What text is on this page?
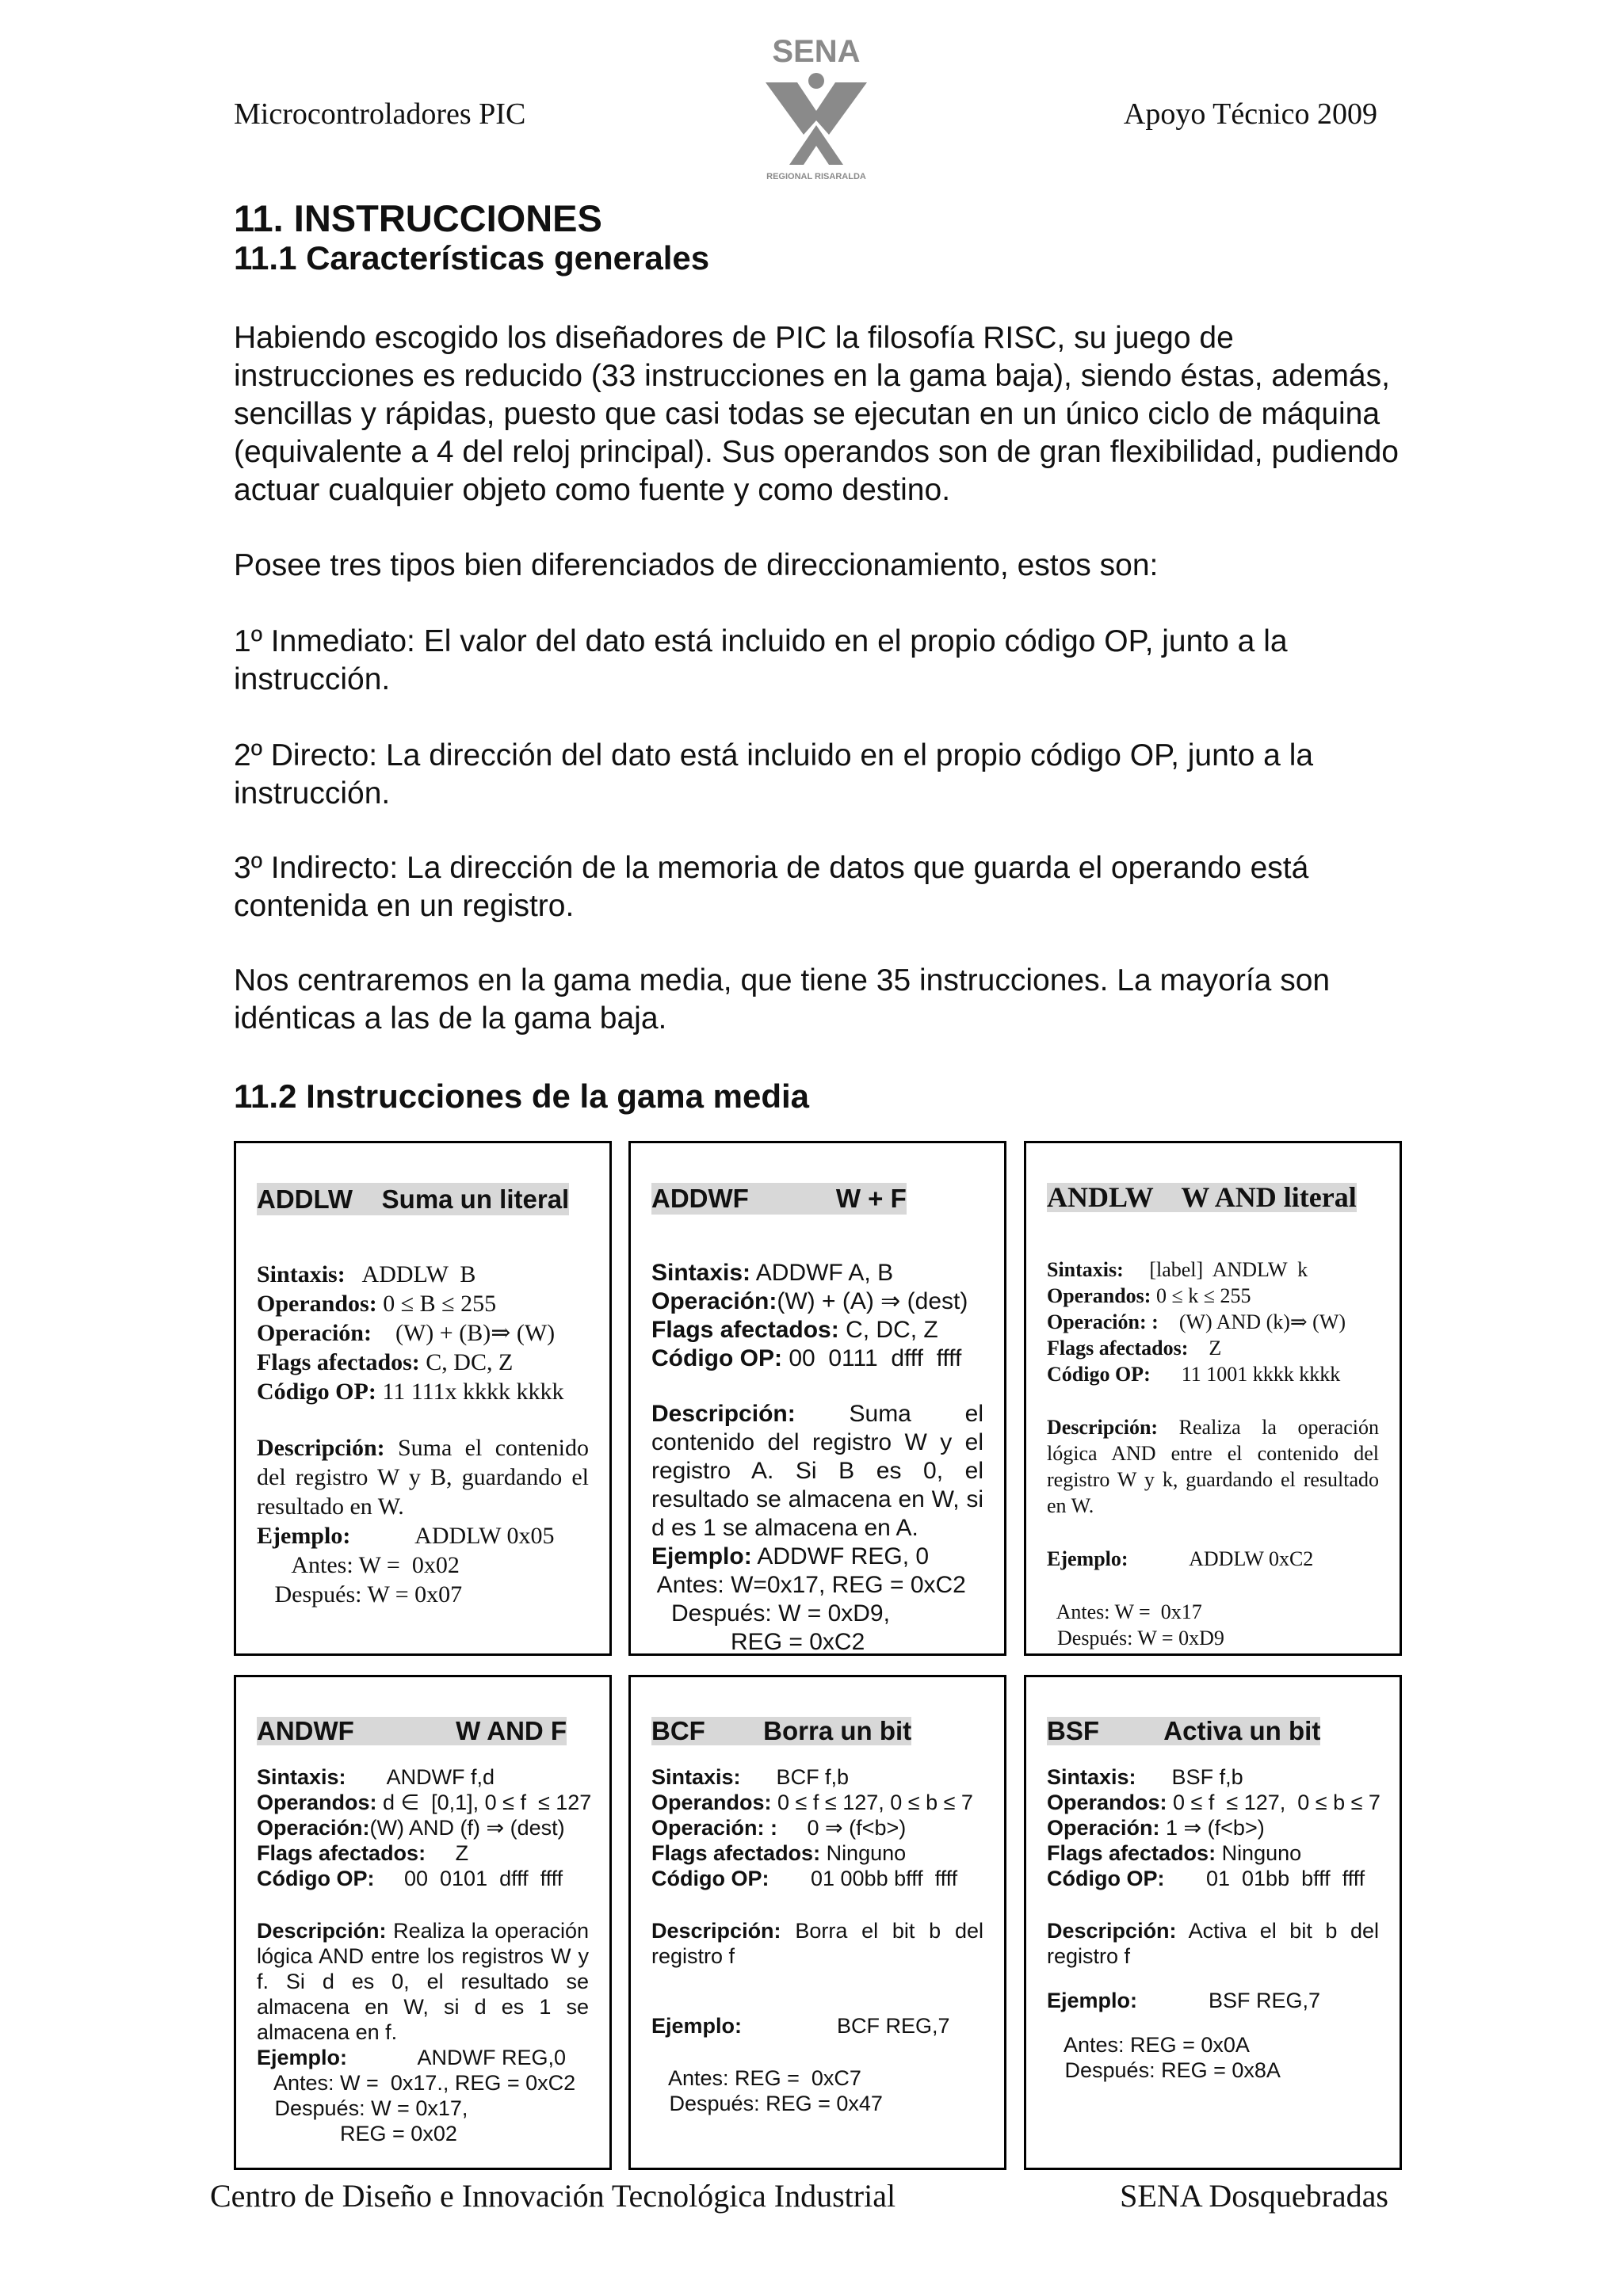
Microcontroladores PIC	Apoyo Técnico 2009
SENA
REGIONAL RISARALDA
11. INSTRUCCIONES
11.1 Características generales

Habiendo escogido los diseñadores de PIC la filosofía RISC, su juego de instrucciones es reducido (33 instrucciones en la gama baja), siendo éstas, además, sencillas y rápidas, puesto que casi todas se ejecutan en un único ciclo de máquina (equivalente a 4 del reloj principal). Sus operandos son de gran flexibilidad, pudiendo actuar cualquier objeto como fuente y como destino.

Posee tres tipos bien diferenciados de direccionamiento, estos son:

1º Inmediato: El valor del dato está incluido en el propio código OP, junto a la instrucción.

2º Directo: La dirección del dato está incluido en el propio código OP, junto a la instrucción.

3º Indirecto: La dirección de la memoria de datos que guarda el operando está contenida en un registro.

Nos centraremos en la gama media, que tiene 35 instrucciones. La mayoría son idénticas a las de la gama baja.

11.2 Instrucciones de la gama media
ADDLW    Suma un literal
Sintaxis:   ADDLW  B
Operandos: 0 ≤ B ≤ 255
Operación:    (W) + (B)⇒ (W)
Flags afectados: C, DC, Z
Código OP: 11 111x kkkk kkkk
Descripción: Suma el contenido del registro W y B, guardando el resultado en W.
Ejemplo:           ADDLW 0x05
Antes: W =  0x02
Después: W = 0x07
ADDWF            W + F
Sintaxis: ADDWF A, B
Operación:(W) + (A) ⇒ (dest)
Flags afectados: C, DC, Z
Código OP: 00  0111  dfff  ffff
Descripción: Suma el contenido del registro W y el registro A. Si B es 0, el resultado se almacena en W, si d es 1 se almacena en A.
Ejemplo: ADDWF REG, 0
Antes: W=0x17, REG = 0xC2
Después: W = 0xD9,
REG = 0xC2
ANDLW    W AND literal
Sintaxis:     [label]  ANDLW  k
Operandos: 0 ≤ k ≤ 255
Operación: :    (W) AND (k)⇒ (W)
Flags afectados:    Z
Código OP:      11 1001 kkkk kkkk
Descripción: Realiza la operación lógica AND entre el contenido del registro W y k, guardando el resultado en W.
Ejemplo:            ADDLW 0xC2
Antes: W =  0x17
Después: W = 0xD9
ANDWF              W AND F
Sintaxis:       ANDWF f,d
Operandos: d ∈  [0,1], 0 ≤ f  ≤ 127
Operación:(W) AND (f) ⇒ (dest)
Flags afectados:     Z
Código OP:     00  0101  dfff  ffff
Descripción: Realiza la operación lógica AND entre los registros W y f. Si d es 0, el resultado se almacena en W, si d es 1 se almacena en f.
Ejemplo:            ANDWF REG,0
Antes: W =  0x17., REG = 0xC2
Después: W = 0x17,
REG = 0x02
BCF        Borra un bit
Sintaxis:      BCF f,b
Operandos: 0 ≤ f ≤ 127, 0 ≤ b ≤ 7
Operación: :     0 ⇒ (f<b>)
Flags afectados: Ninguno
Código OP:       01 00bb bfff  ffff
Descripción: Borra el bit b del registro f
Ejemplo:                BCF REG,7
Antes: REG =  0xC7
Después: REG = 0x47
BSF         Activa un bit
Sintaxis:      BSF f,b
Operandos: 0 ≤ f  ≤ 127,  0 ≤ b ≤ 7
Operación: 1 ⇒ (f<b>)
Flags afectados: Ninguno
Código OP:       01  01bb  bfff  ffff
Descripción: Activa el bit b del registro f
Ejemplo:            BSF REG,7
Antes: REG = 0x0A
Después: REG = 0x8A
Centro de Diseño e Innovación Tecnológica Industrial	SENA Dosquebradas
